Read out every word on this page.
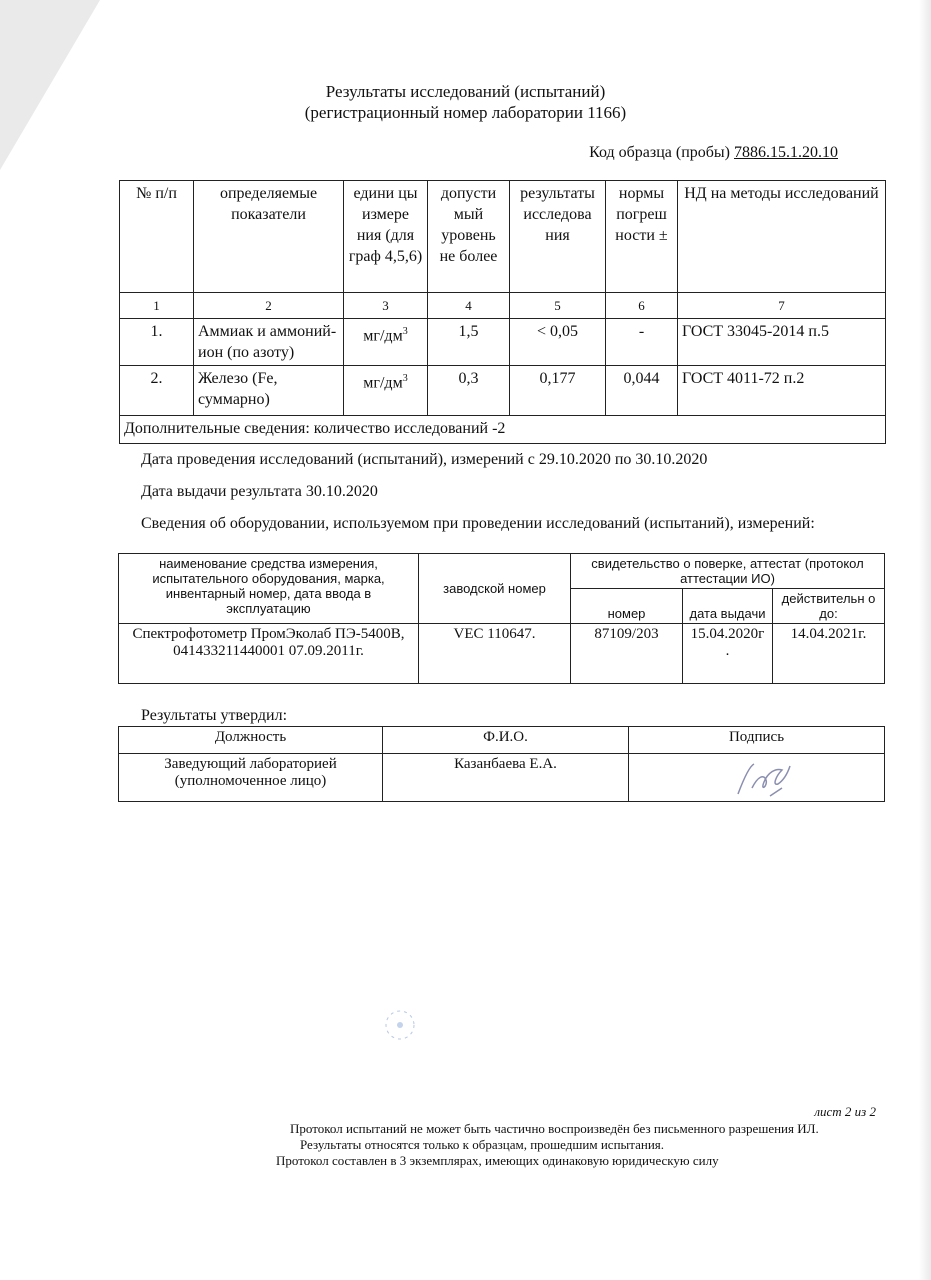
Результаты исследований (испытаний)
(регистрационный номер лаборатории 1166)
Код образца (пробы) 7886.15.1.20.10
№ п/п	определяемые показатели	едини цы измере ния (для граф 4,5,6)	допусти мый уровень не более	результаты исследова ния	нормы погреш ности ±	НД на методы исследований
1	2	3	4	5	6	7
1.	Аммиак и аммоний-ион (по азоту)	$мг/дм^3$	1,5	< 0,05	-	ГОСТ 33045-2014 п.5
2.	Железо (Fe, суммарно)	$мг/дм^3$	0,3	0,177	0,044	ГОСТ 4011-72 п.2
Дополнительные сведения: количество исследований -2						
Дата проведения исследований (испытаний), измерений с 29.10.2020 по 30.10.2020
Дата выдачи результата 30.10.2020
Сведения об оборудовании, используемом при проведении исследований (испытаний), измерений:
наименование средства измерения, испытательного оборудования, марка, инвентарный номер, дата ввода в эксплуатацию	заводской номер	свидетельство о поверке, аттестат (протокол аттестации ИО)		
		номер	дата выдачи	действительн о до:
Спектрофотометр ПромЭколаб ПЭ-5400В, 041433211440001 07.09.2011г.	VEC 110647.	87109/203	15.04.2020г .	14.04.2021г.
Результаты утвердил:
Должность	Ф.И.О.	Подпись
Заведующий лабораторией (уполномоченное лицо)	Казанбаева Е.А.	
лист 2 из 2
Протокол испытаний не может быть частично воспроизведён без письменного разрешения ИЛ.
Результаты относятся только к образцам, прошедшим испытания.
Протокол составлен в 3 экземплярах, имеющих одинаковую юридическую силу
